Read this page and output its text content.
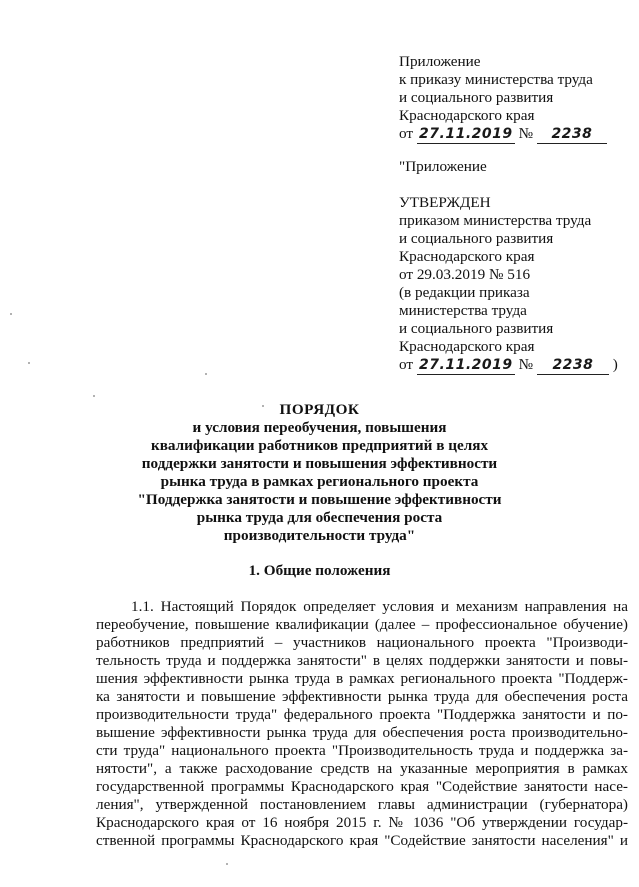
Приложение
к приказу министерства труда
и социального развития
Краснодарского края
от 27.11.2019 № 2238
"Приложение
УТВЕРЖДЕН
приказом министерства труда
и социального развития
Краснодарского края
от 29.03.2019 № 516
(в редакции приказа
министерства труда
и социального развития
Краснодарского края
от 27.11.2019 № 2238 )
ПОРЯДОК
и условия переобучения, повышения
квалификации работников предприятий в целях
поддержки занятости и повышения эффективности
рынка труда в рамках регионального проекта
"Поддержка занятости и повышение эффективности
рынка труда для обеспечения роста
производительности труда"
1. Общие положения
1.1. Настоящий Порядок определяет условия и механизм направления на
переобучение, повышение квалификации (далее – профессиональное обучение)
работников предприятий – участников национального проекта "Производи-
тельность труда и поддержка занятости" в целях поддержки занятости и повы-
шения эффективности рынка труда в рамках регионального проекта "Поддерж-
ка занятости и повышение эффективности рынка труда для обеспечения роста
производительности труда" федерального проекта "Поддержка занятости и по-
вышение эффективности рынка труда для обеспечения роста производительно-
сти труда" национального проекта "Производительность труда и поддержка за-
нятости", а также расходование средств на указанные мероприятия в рамках
государственной программы Краснодарского края "Содействие занятости насе-
ления", утвержденной постановлением главы администрации (губернатора)
Краснодарского края от 16 ноября 2015 г. № 1036 "Об утверждении государ-
ственной программы Краснодарского края "Содействие занятости населения" и
